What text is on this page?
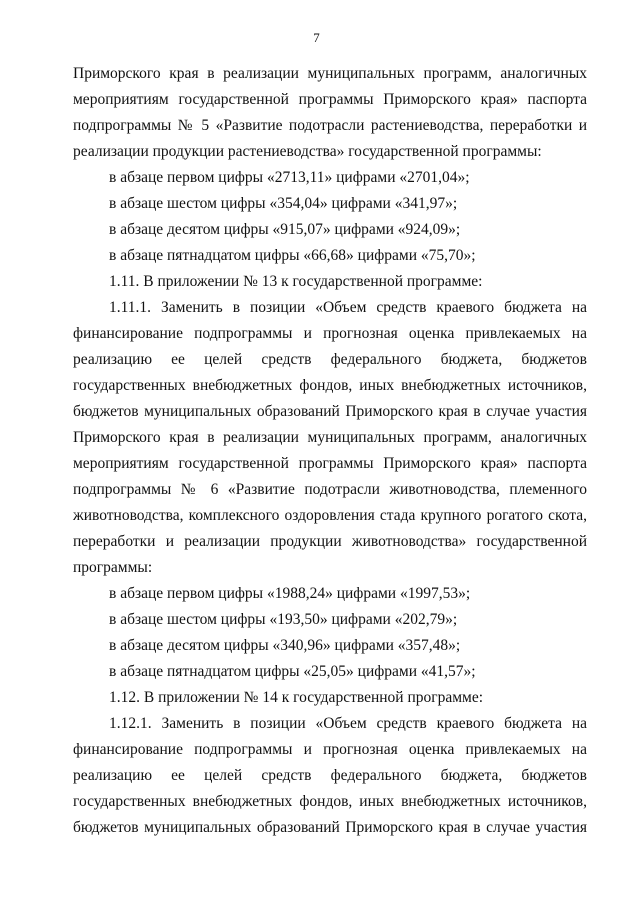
7
Приморского края в реализации муниципальных программ, аналогичных
мероприятиям государственной программы Приморского края» паспорта
подпрограммы № 5 «Развитие подотрасли растениеводства, переработки и
реализации продукции растениеводства» государственной программы:
в абзаце первом цифры «2713,11» цифрами «2701,04»;
в абзаце шестом цифры «354,04» цифрами «341,97»;
в абзаце десятом цифры «915,07» цифрами «924,09»;
в абзаце пятнадцатом цифры «66,68» цифрами «75,70»;
1.11. В приложении № 13 к государственной программе:
1.11.1. Заменить в позиции «Объем средств краевого бюджета на
финансирование подпрограммы и прогнозная оценка привлекаемых на
реализацию ее целей средств федерального бюджета, бюджетов
государственных внебюджетных фондов, иных внебюджетных источников,
бюджетов муниципальных образований Приморского края в случае участия
Приморского края в реализации муниципальных программ, аналогичных
мероприятиям государственной программы Приморского края» паспорта
подпрограммы № 6 «Развитие подотрасли животноводства, племенного
животноводства, комплексного оздоровления стада крупного рогатого скота,
переработки и реализации продукции животноводства» государственной
программы:
в абзаце первом цифры «1988,24» цифрами «1997,53»;
в абзаце шестом цифры «193,50» цифрами «202,79»;
в абзаце десятом цифры «340,96» цифрами «357,48»;
в абзаце пятнадцатом цифры «25,05» цифрами «41,57»;
1.12. В приложении № 14 к государственной программе:
1.12.1. Заменить в позиции «Объем средств краевого бюджета на
финансирование подпрограммы и прогнозная оценка привлекаемых на
реализацию ее целей средств федерального бюджета, бюджетов
государственных внебюджетных фондов, иных внебюджетных источников,
бюджетов муниципальных образований Приморского края в случае участия
